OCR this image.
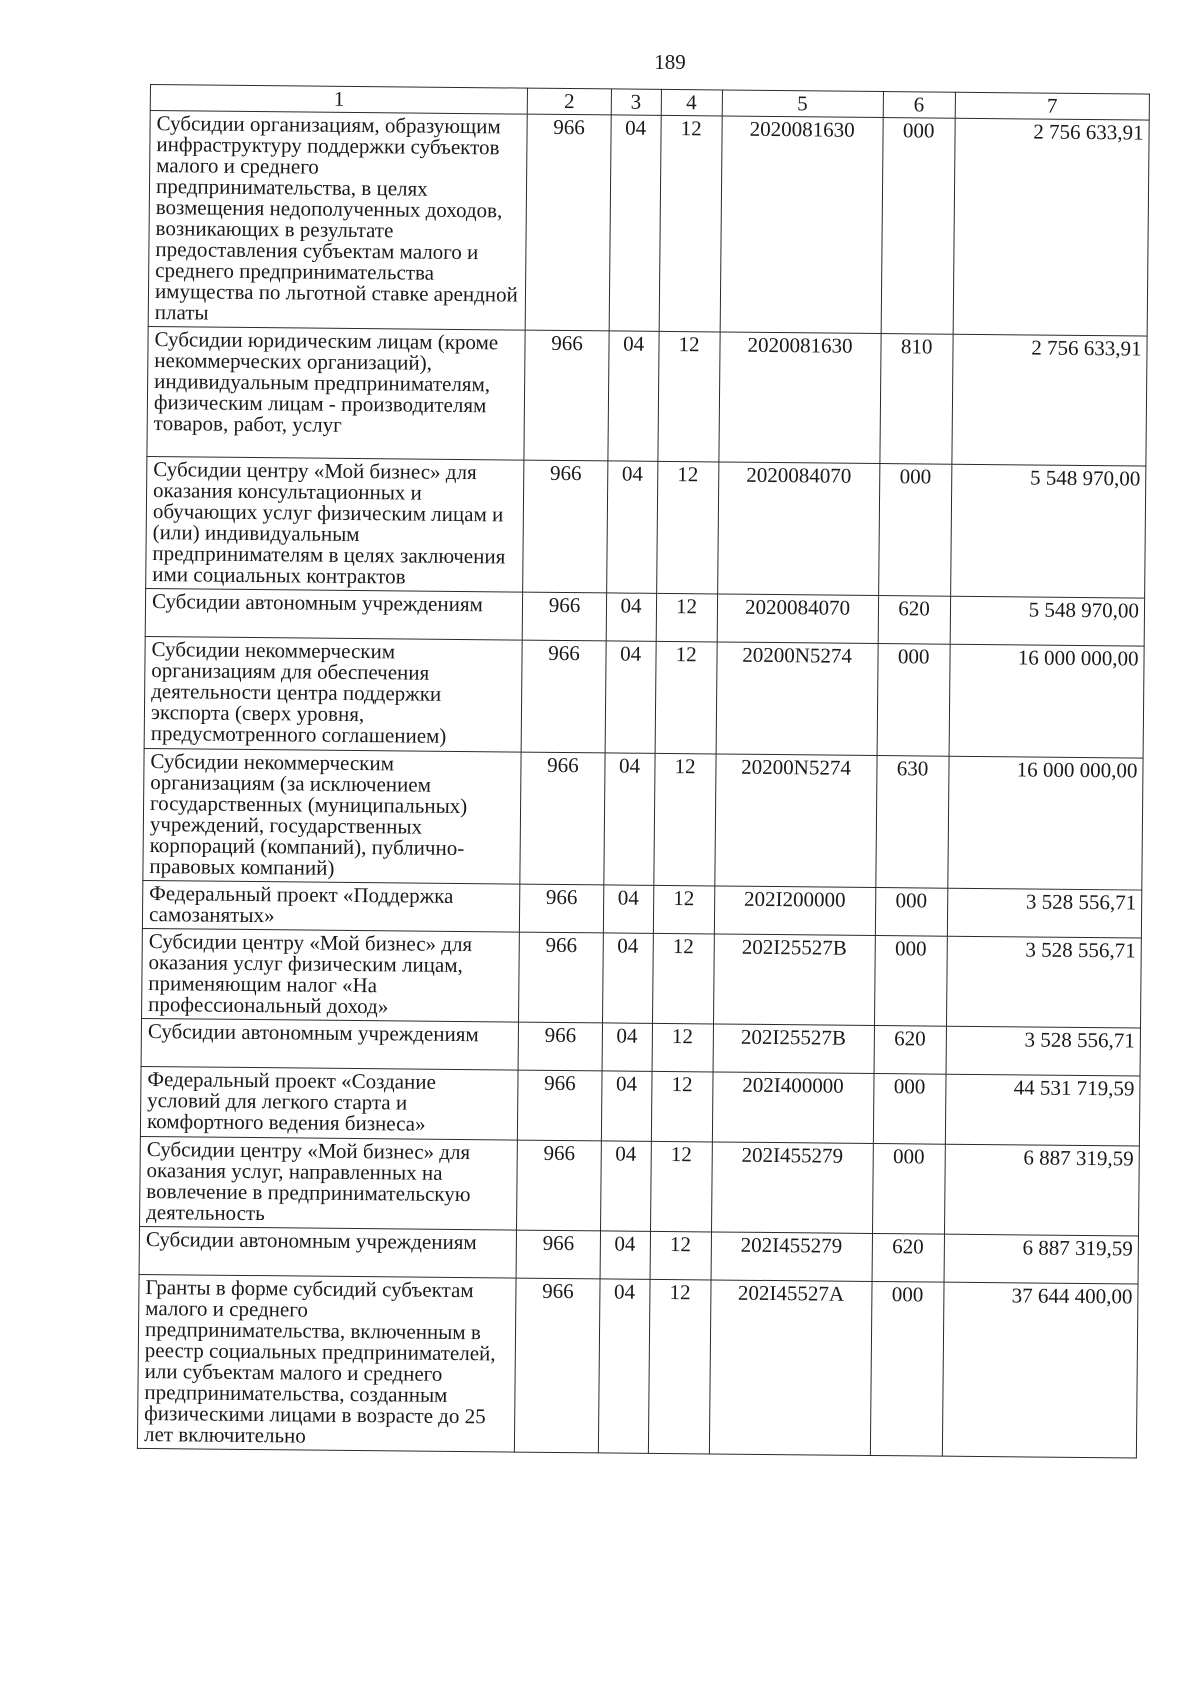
189
1	2	3	4	5	6	7
Субсидии организациям, образующим инфраструктуру поддержки субъектов малого и среднего предпринимательства, в целях возмещения недополученных доходов, возникающих в результате предоставления субъектам малого и среднего предпринимательства имущества по льготной ставке арендной платы	966	04	12	2020081630	000	2 756 633,91
Субсидии юридическим лицам (кроме некоммерческих организаций), индивидуальным предпринимателям, физическим лицам - производителям товаров, работ, услуг	966	04	12	2020081630	810	2 756 633,91
Субсидии центру «Мой бизнес» для оказания консультационных и обучающих услуг физическим лицам и (или) индивидуальным предпринимателям в целях заключения ими социальных контрактов	966	04	12	2020084070	000	5 548 970,00
Субсидии автономным учреждениям	966	04	12	2020084070	620	5 548 970,00
Субсидии некоммерческим организациям для обеспечения деятельности центра поддержки экспорта (сверх уровня, предусмотренного соглашением)	966	04	12	20200N5274	000	16 000 000,00
Субсидии некоммерческим организациям (за исключением государственных (муниципальных) учреждений, государственных корпораций (компаний), публично-правовых компаний)	966	04	12	20200N5274	630	16 000 000,00
Федеральный проект «Поддержка самозанятых»	966	04	12	202I200000	000	3 528 556,71
Субсидии центру «Мой бизнес» для оказания услуг физическим лицам, применяющим налог «На профессиональный доход»	966	04	12	202I25527B	000	3 528 556,71
Субсидии автономным учреждениям	966	04	12	202I25527B	620	3 528 556,71
Федеральный проект «Создание условий для легкого старта и комфортного ведения бизнеса»	966	04	12	202I400000	000	44 531 719,59
Субсидии центру «Мой бизнес» для оказания услуг, направленных на вовлечение в предпринимательскую деятельность	966	04	12	202I455279	000	6 887 319,59
Субсидии автономным учреждениям	966	04	12	202I455279	620	6 887 319,59
Гранты в форме субсидий субъектам малого и среднего предпринимательства, включенным в реестр социальных предпринимателей, или субъектам малого и среднего предпринимательства, созданным физическими лицами в возрасте до 25 лет включительно	966	04	12	202I45527A	000	37 644 400,00
